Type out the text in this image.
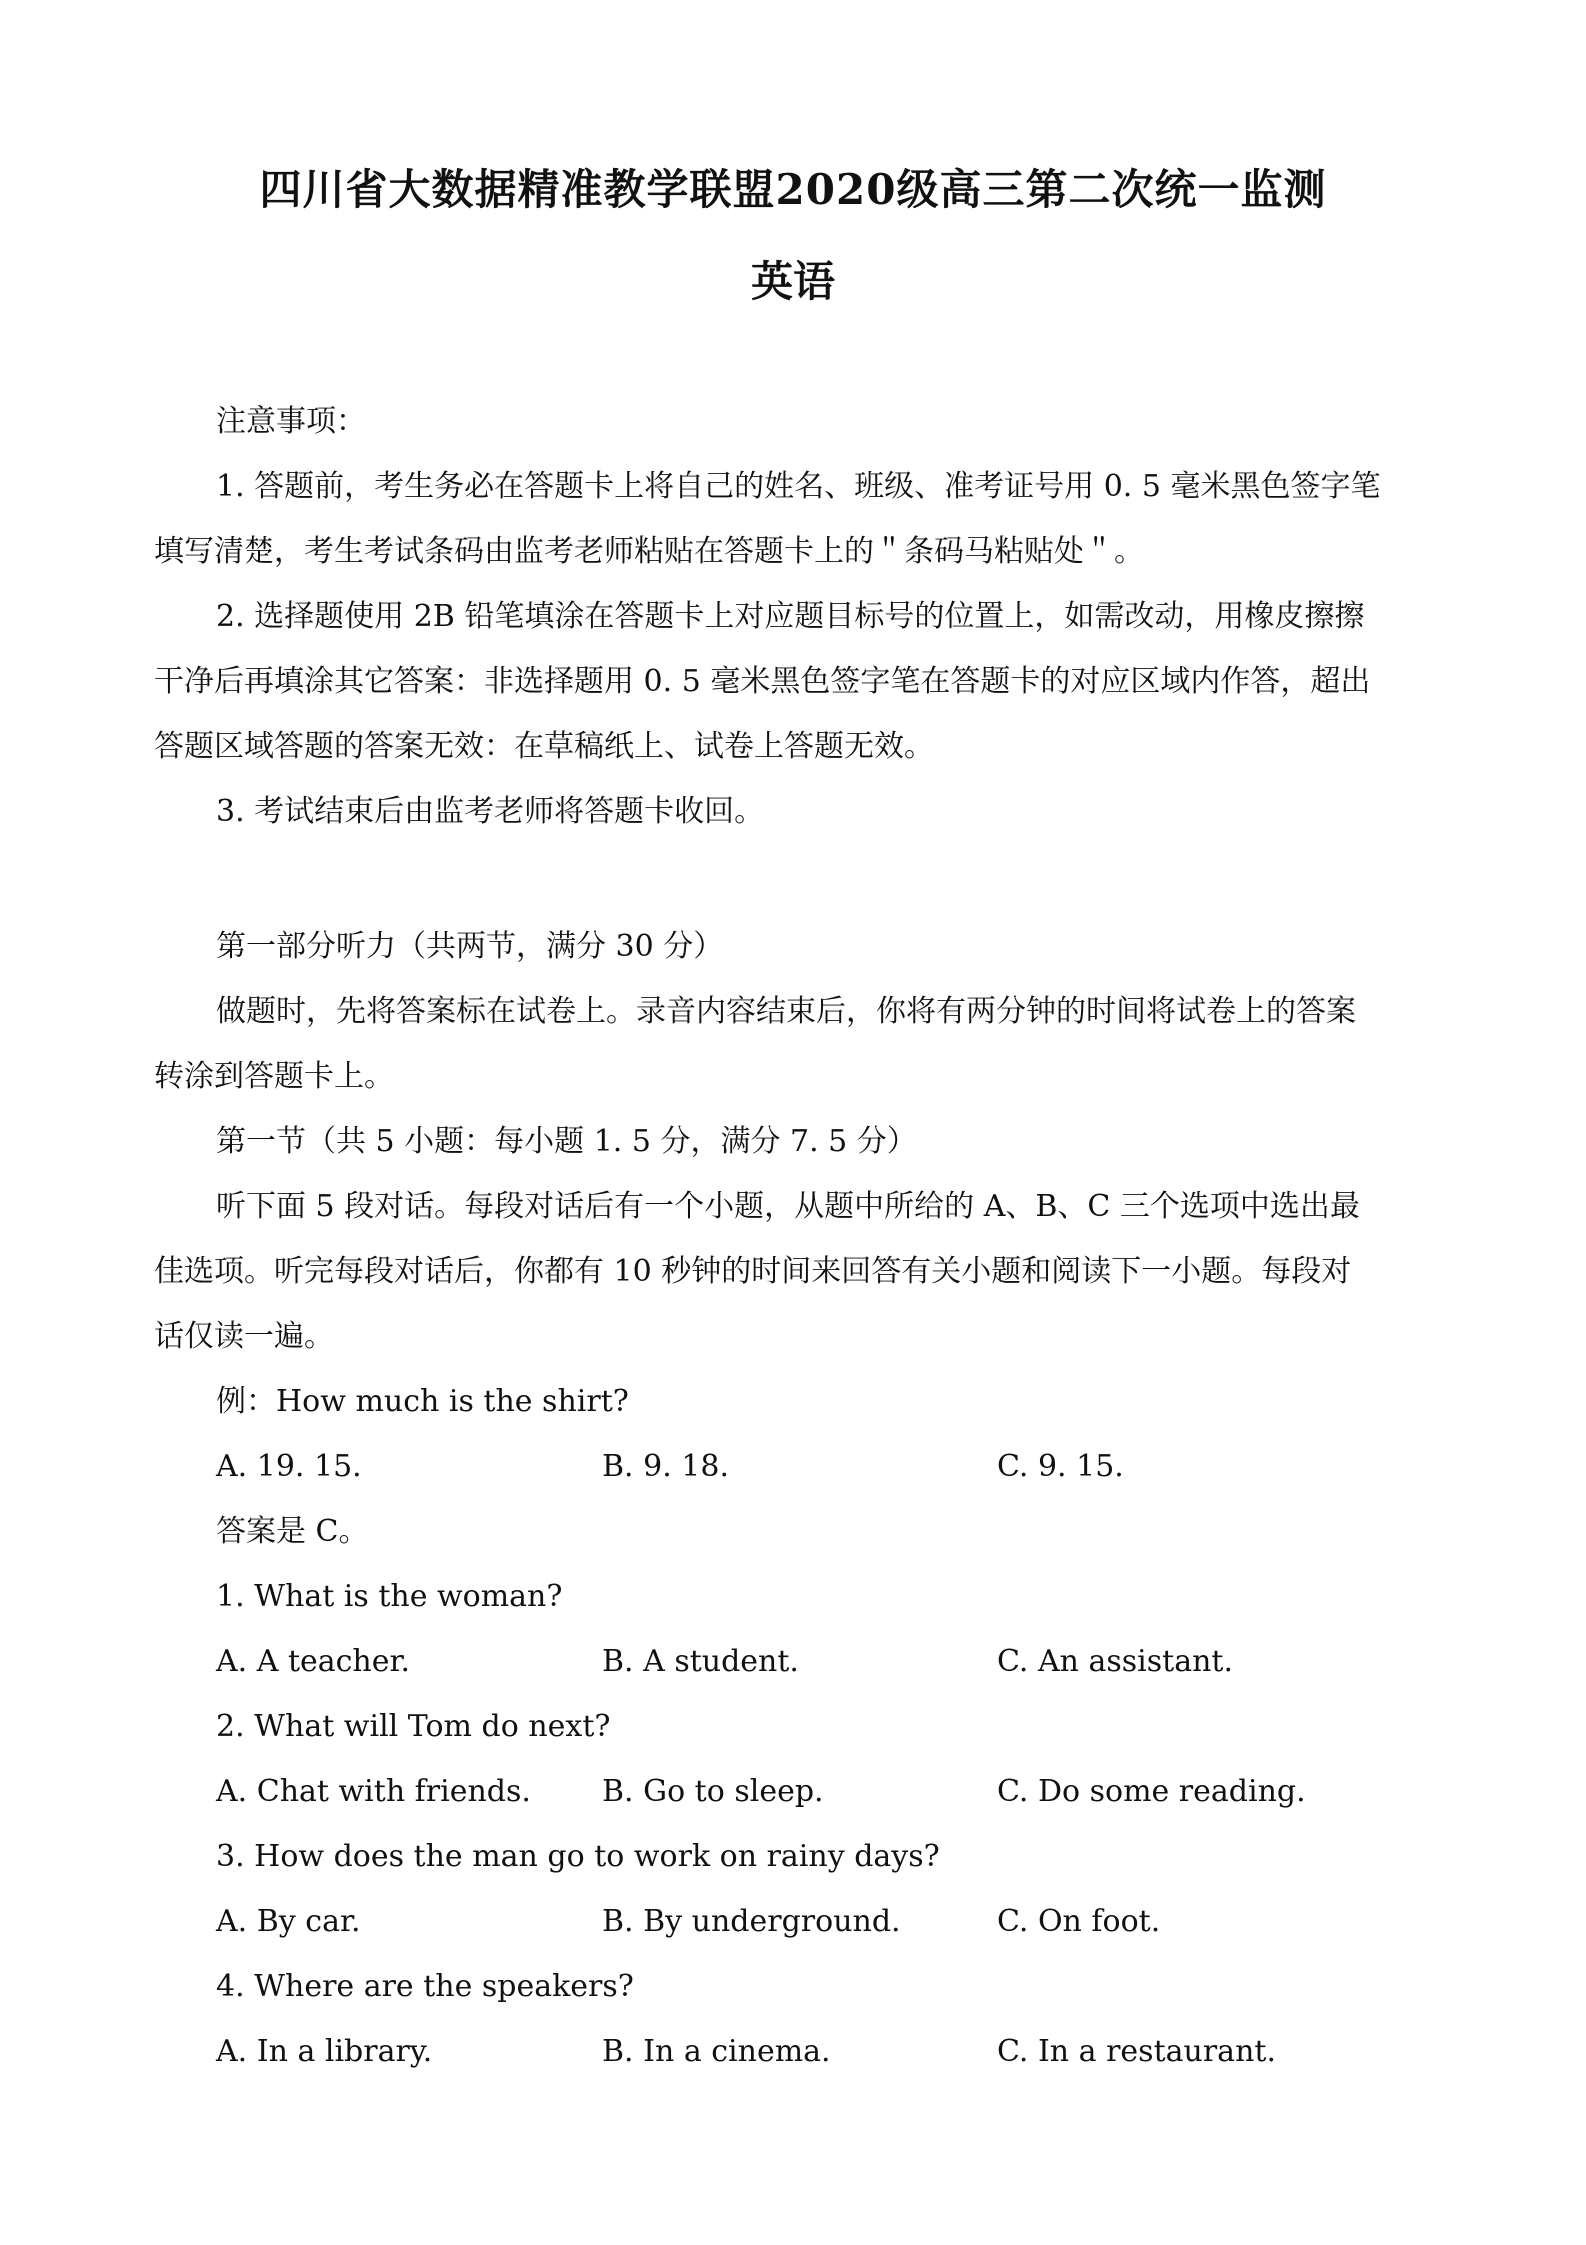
四川省大数据精准教学联盟2020级高三第二次统一监测
英语
注意事项：
1. 答题前，考生务必在答题卡上将自己的姓名、班级、准考证号用 0. 5 毫米黑色签字笔
填写清楚，考生考试条码由监考老师粘贴在答题卡上的＂条码马粘贴处＂。
2. 选择题使用 2B 铅笔填涂在答题卡上对应题目标号的位置上，如需改动，用橡皮擦擦
干净后再填涂其它答案：非选择题用 0. 5 毫米黑色签字笔在答题卡的对应区域内作答，超出
答题区域答题的答案无效：在草稿纸上、试卷上答题无效。
3. 考试结束后由监考老师将答题卡收回。
第一部分听力（共两节，满分 30 分）
做题时，先将答案标在试卷上。录音内容结束后，你将有两分钟的时间将试卷上的答案
转涂到答题卡上。
第一节（共 5 小题：每小题 1. 5 分，满分 7. 5 分）
听下面 5 段对话。每段对话后有一个小题，从题中所给的 A、B、C 三个选项中选出最
佳选项。听完每段对话后，你都有 10 秒钟的时间来回答有关小题和阅读下一小题。每段对
话仅读一遍。
例：How much is the shirt?
A. 19. 15.	B. 9. 18.	C. 9. 15.
答案是 C。
1. What is the woman?
A. A teacher.	B. A student.	C. An assistant.
2. What will Tom do next?
A. Chat with friends. B. Go to sleep.	C. Do some reading.
3. How does the man go to work on rainy days?
A. By car.	B. By underground.	C. On foot.
4. Where are the speakers?
A. In a library.	B. In a cinema.	C. In a restaurant.
